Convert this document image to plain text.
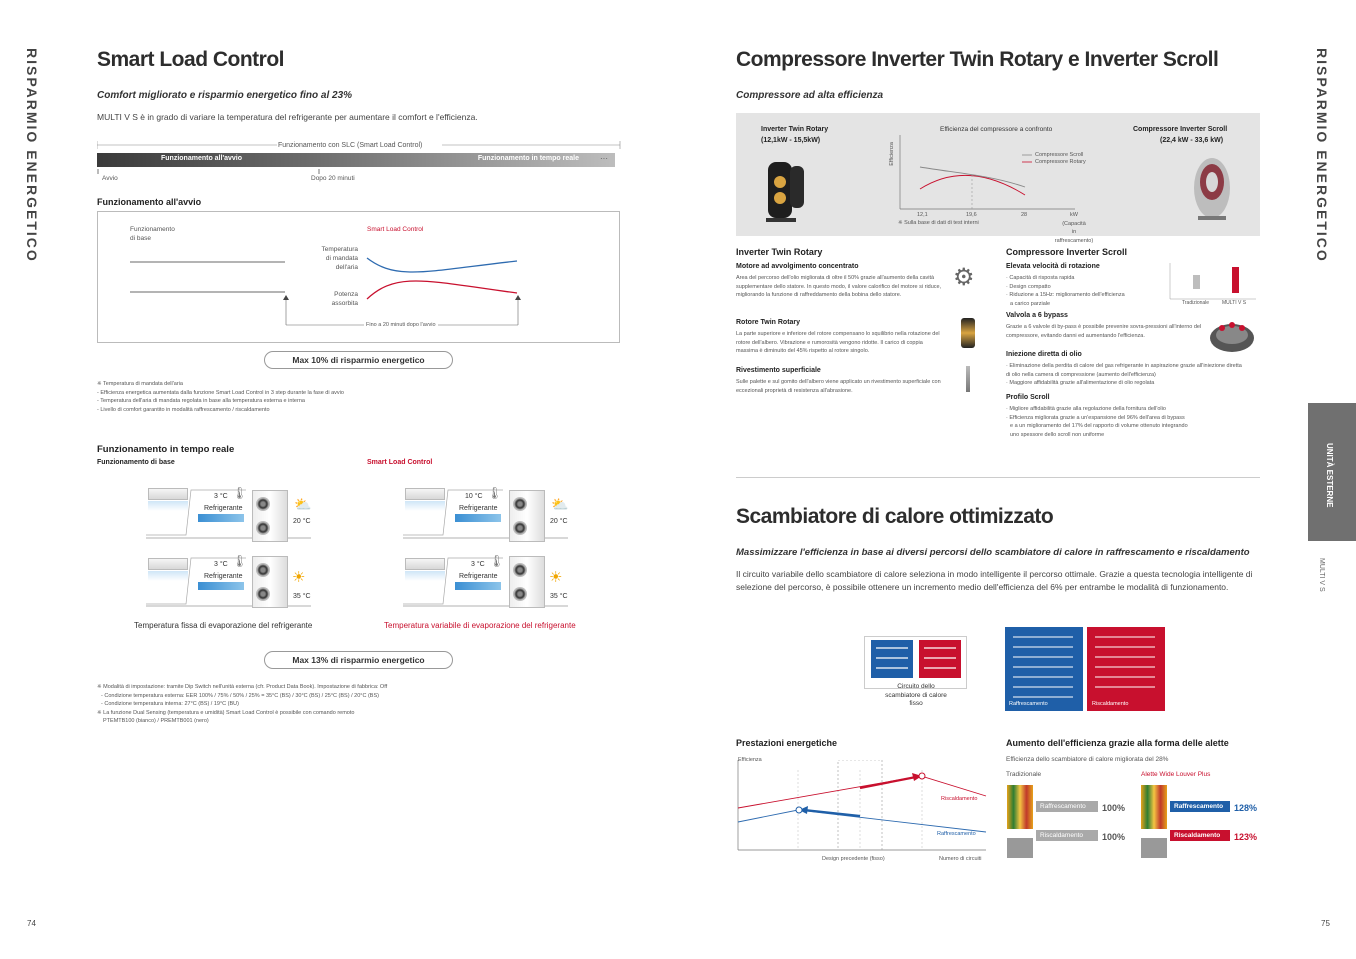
RISPARMIO ENERGETICO	RISPARMIO ENERGETICO
UNITÀ ESTERNE
MULTI V S
Smart Load Control
Comfort migliorato e risparmio energetico fino al 23%
MULTI V S è in grado di variare la temperatura del refrigerante per aumentare il comfort e l'efficienza.
Funzionamento con SLC (Smart Load Control)
Funzionamento all'avvio	Funzionamento in tempo reale	···
Avvio	Dopo 20 minuti
Funzionamento all'avvio
Funzionamento
di base
Smart Load Control
Temperatura
di mandata
dell'aria
Potenza
assorbita
Fino a 20 minuti dopo l'avvio
Max 10% di risparmio energetico
※ Temperatura di mandata dell'aria
- Efficienza energetica aumentata dalla funzione Smart Load Control in 3 step durante la fase di avvio
- Temperatura dell'aria di mandata regolata in base alla temperatura esterna e interna
- Livello di comfort garantito in modalità raffrescamento / riscaldamento
Funzionamento in tempo reale
Funzionamento di base	Smart Load Control
3 °C 🌡
Refrigerante	⛅
20 °C
3 °C 🌡
Refrigerante	☀
35 °C
10 °C 🌡
Refrigerante	⛅
20 °C
3 °C 🌡
Refrigerante	☀
35 °C
Temperatura fissa di evaporazione del refrigerante	Temperatura variabile di evaporazione del refrigerante
Max 13% di risparmio energetico
※ Modalità di impostazione: tramite Dip Switch nell'unità esterna (cfr. Product Data Book). Impostazione di fabbrica: Off
- Condizione temperatura esterna: EER 100% / 75% / 50% / 25% = 35°C (BS) / 30°C (BS) / 25°C (BS) / 20°C (BS)
- Condizione temperatura interna: 27°C (BS) / 19°C (BU)
※ La funzione Dual Sensing (temperatura e umidità) Smart Load Control è possibile con comando remoto
PTEMTB100 (bianco) / PREMTB001 (nero)
74
Compressore Inverter Twin Rotary e Inverter Scroll
Compressore ad alta efficienza
Inverter Twin Rotary
(12,1kW - 15,5kW)
Compressore Inverter Scroll
(22,4 kW - 33,6 kW)
Efficienza del compressore a confronto
Efficienza	Compressore Scroll
Compressore Rotary
12,1	19,6	28	kW
(Capacità
in raffrescamento)
※ Sulla base di dati di test interni
Inverter Twin Rotary
Motore ad avvolgimento concentrato
Area del percorso dell'olio migliorata di oltre il 50% grazie all'aumento della cavità supplementare dello statore. In questo modo, il valore calorifico del motore si riduce, migliorando la funzione di raffreddamento della bobina dello statore.
⚙
Rotore Twin Rotary
La parte superiore e inferiore del rotore compensano lo squilibrio nella rotazione del rotore dell'albero. Vibrazione e rumorosità vengono ridotte. Il carico di coppia massima è diminuito del 45% rispetto al rotore singolo.
Rivestimento superficiale
Sulle palette e sul gomito dell'albero viene applicato un rivestimento superficiale con eccezionali proprietà di resistenza all'abrasione.
Compressore Inverter Scroll
Elevata velocità di rotazione
· Capacità di risposta rapida
· Design compatto
· Riduzione a 15Hz: miglioramento dell'efficienza
a carico parziale	Tradizionale	MULTI V S
Valvola a 6 bypass
Grazie a 6 valvole di by-pass è possibile prevenire sovra-pressioni all'interno del compressore, evitando danni ed aumentando l'efficienza.
Iniezione diretta di olio
· Eliminazione della perdita di calore del gas refrigerante in aspirazione grazie all'iniezione diretta di olio nella camera di compressione (aumento dell'efficienza)
· Maggiore affidabilità grazie all'alimentazione di olio regolata
Profilo Scroll
· Migliore affidabilità grazie alla regolazione della fornitura dell'olio
· Efficienza migliorata grazie a un'espansione del 96% dell'area di bypass
e a un miglioramento del 17% del rapporto di volume ottenuto integrando
uno spessore dello scroll non uniforme
Scambiatore di calore ottimizzato
Massimizzare l'efficienza in base ai diversi percorsi dello scambiatore di calore in raffrescamento e riscaldamento
Il circuito variabile dello scambiatore di calore seleziona in modo intelligente il percorso ottimale. Grazie a questa tecnologia intelligente di selezione del percorso, è possibile ottenere un incremento medio dell'efficienza del 6% per entrambe le modalità di funzionamento.
Circuito dello
scambiatore di calore
fisso	Raffrescamento	Riscaldamento
Prestazioni energetiche
Efficienza
Riscaldamento
Raffrescamento
Design precedente (fisso)	Numero di circuiti
Aumento dell'efficienza grazie alla forma delle alette
Efficienza dello scambiatore di calore migliorata del 28%
Tradizionale	Alette Wide Louver Plus
Raffrescamento	100%
Riscaldamento	100%
Raffrescamento	128%
Riscaldamento	123%
75
